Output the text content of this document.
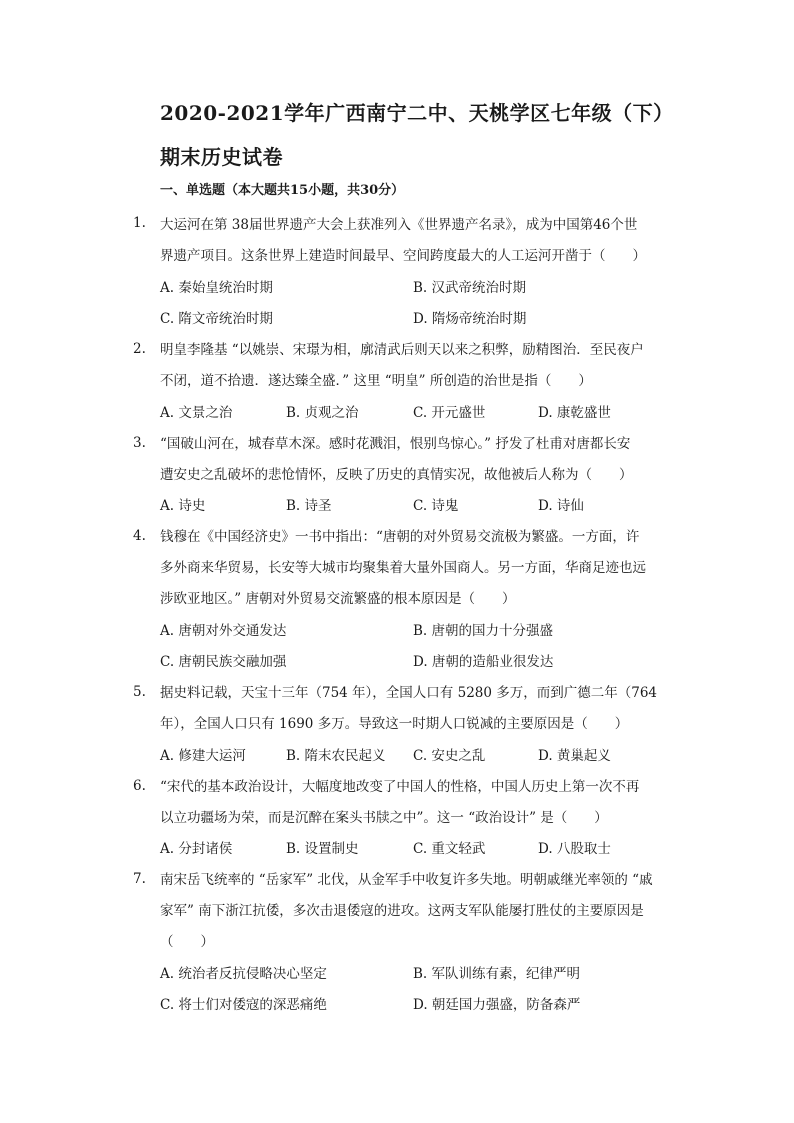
2020-2021学年广西南宁二中、天桃学区七年级（下）
期末历史试卷
一、单选题（本大题共15小题，共30分）
1. 大运河在第 38届世界遗产大会上获准列入《世界遗产名录》，成为中国第46个世
界遗产项目。这条世界上建造时间最早、空间跨度最大的人工运河开凿于（　　）
A. 秦始皇统治时期	B. 汉武帝统治时期
C. 隋文帝统治时期	D. 隋炀帝统治时期
2. 明皇李隆基 “以姚崇、宋璟为相，廓清武后则天以来之积弊，励精图治．至民夜户
不闭，道不拾遗．遂达臻全盛．” 这里 “明皇” 所创造的治世是指（　　）
A. 文景之治	B. 贞观之治	C. 开元盛世	D. 康乾盛世
3. “国破山河在，城春草木深。感时花溅泪，恨别鸟惊心。” 抒发了杜甫对唐都长安
遭安史之乱破坏的悲怆情怀，反映了历史的真情实况，故他被后人称为（　　）
A. 诗史	B. 诗圣	C. 诗鬼	D. 诗仙
4. 钱穆在《中国经济史》一书中指出：“唐朝的对外贸易交流极为繁盛。一方面，许
多外商来华贸易，长安等大城市均聚集着大量外国商人。另一方面，华商足迹也远
涉欧亚地区。” 唐朝对外贸易交流繁盛的根本原因是（　　）
A. 唐朝对外交通发达	B. 唐朝的国力十分强盛
C. 唐朝民族交融加强	D. 唐朝的造船业很发达
5. 据史料记载，天宝十三年（754 年），全国人口有 5280 多万，而到广德二年（764
年），全国人口只有 1690 多万。导致这一时期人口锐减的主要原因是（　　）
A. 修建大运河	B. 隋末农民起义 C. 安史之乱	D. 黄巢起义
6. “宋代的基本政治设计，大幅度地改变了中国人的性格，中国人历史上第一次不再
以立功疆场为荣，而是沉醉在案头书牍之中”。这一 “政治设计” 是（　　）
A. 分封诸侯	B. 设置制史	C. 重文轻武	D. 八股取士
7. 南宋岳飞统率的 “岳家军” 北伐，从金军手中收复许多失地。明朝戚继光率领的 “戚
家军” 南下浙江抗倭，多次击退倭寇的进攻。这两支军队能屡打胜仗的主要原因是
（　　）
A. 统治者反抗侵略决心坚定	B. 军队训练有素，纪律严明
C. 将士们对倭寇的深恶痛绝	D. 朝廷国力强盛，防备森严
